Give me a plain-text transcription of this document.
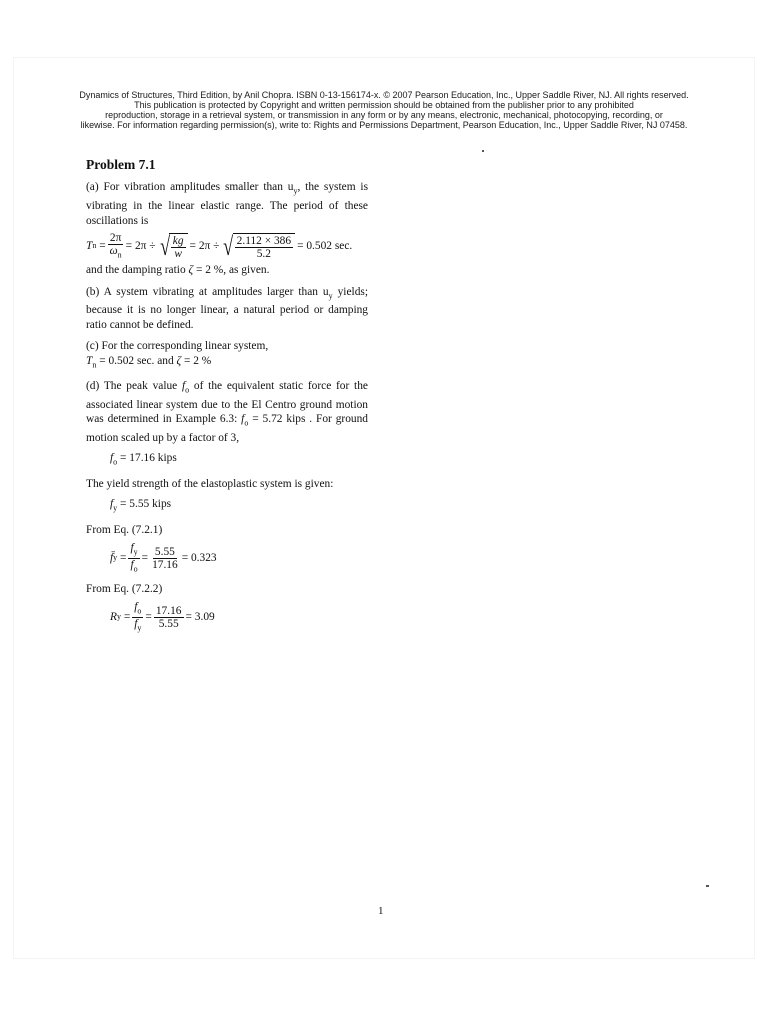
Dynamics of Structures, Third Edition, by Anil Chopra. ISBN 0-13-156174-x. © 2007 Pearson Education, Inc., Upper Saddle River, NJ. All rights reserved.
This publication is protected by Copyright and written permission should be obtained from the publisher prior to any prohibited
reproduction, storage in a retrieval system, or transmission in any form or by any means, electronic, mechanical, photocopying, recording, or
likewise. For information regarding permission(s), write to: Rights and Permissions Department, Pearson Education, Inc., Upper Saddle River, NJ 07458.
Problem 7.1

(a) For vibration amplitudes smaller than $u_y$, the system is vibrating in the linear elastic range. The period of these oscillations is

T $n = \frac{2\pi}{\omega_n} = 2\pi$ ÷ √ $\frac{kg}{w} = 2\pi$ ÷ √ $\frac{2.112 \times 386}{5.2} = 0.502$ sec.

and the damping ratio ζ = 2 %, as given.

(b) A system vibrating at amplitudes larger than $u_y$ yields; because it is no longer linear, a natural period or damping ratio cannot be defined.

(c) For the corresponding linear system,

$T_n = 0.502$ sec. and ζ = 2 %

(d) The peak value $f_o$ of the equivalent static force for the associated linear system due to the El Centro ground motion was determined in Example 6.3: $f_o = 5.72$ kips . For ground motion scaled up by a factor of 3,

$f_o = 17.16$ kips

The yield strength of the elastoplastic system is given:

$f_y = 5.55$ kips

From Eq. (7.2.1)

f̄ $y = \frac{f_y}{f_o} = \frac{5.55}{17.16} = 0.323$

From Eq. (7.2.2)

R $y = \frac{f_o}{f_y} = \frac{17.16}{5.55} = 3.09$
1
